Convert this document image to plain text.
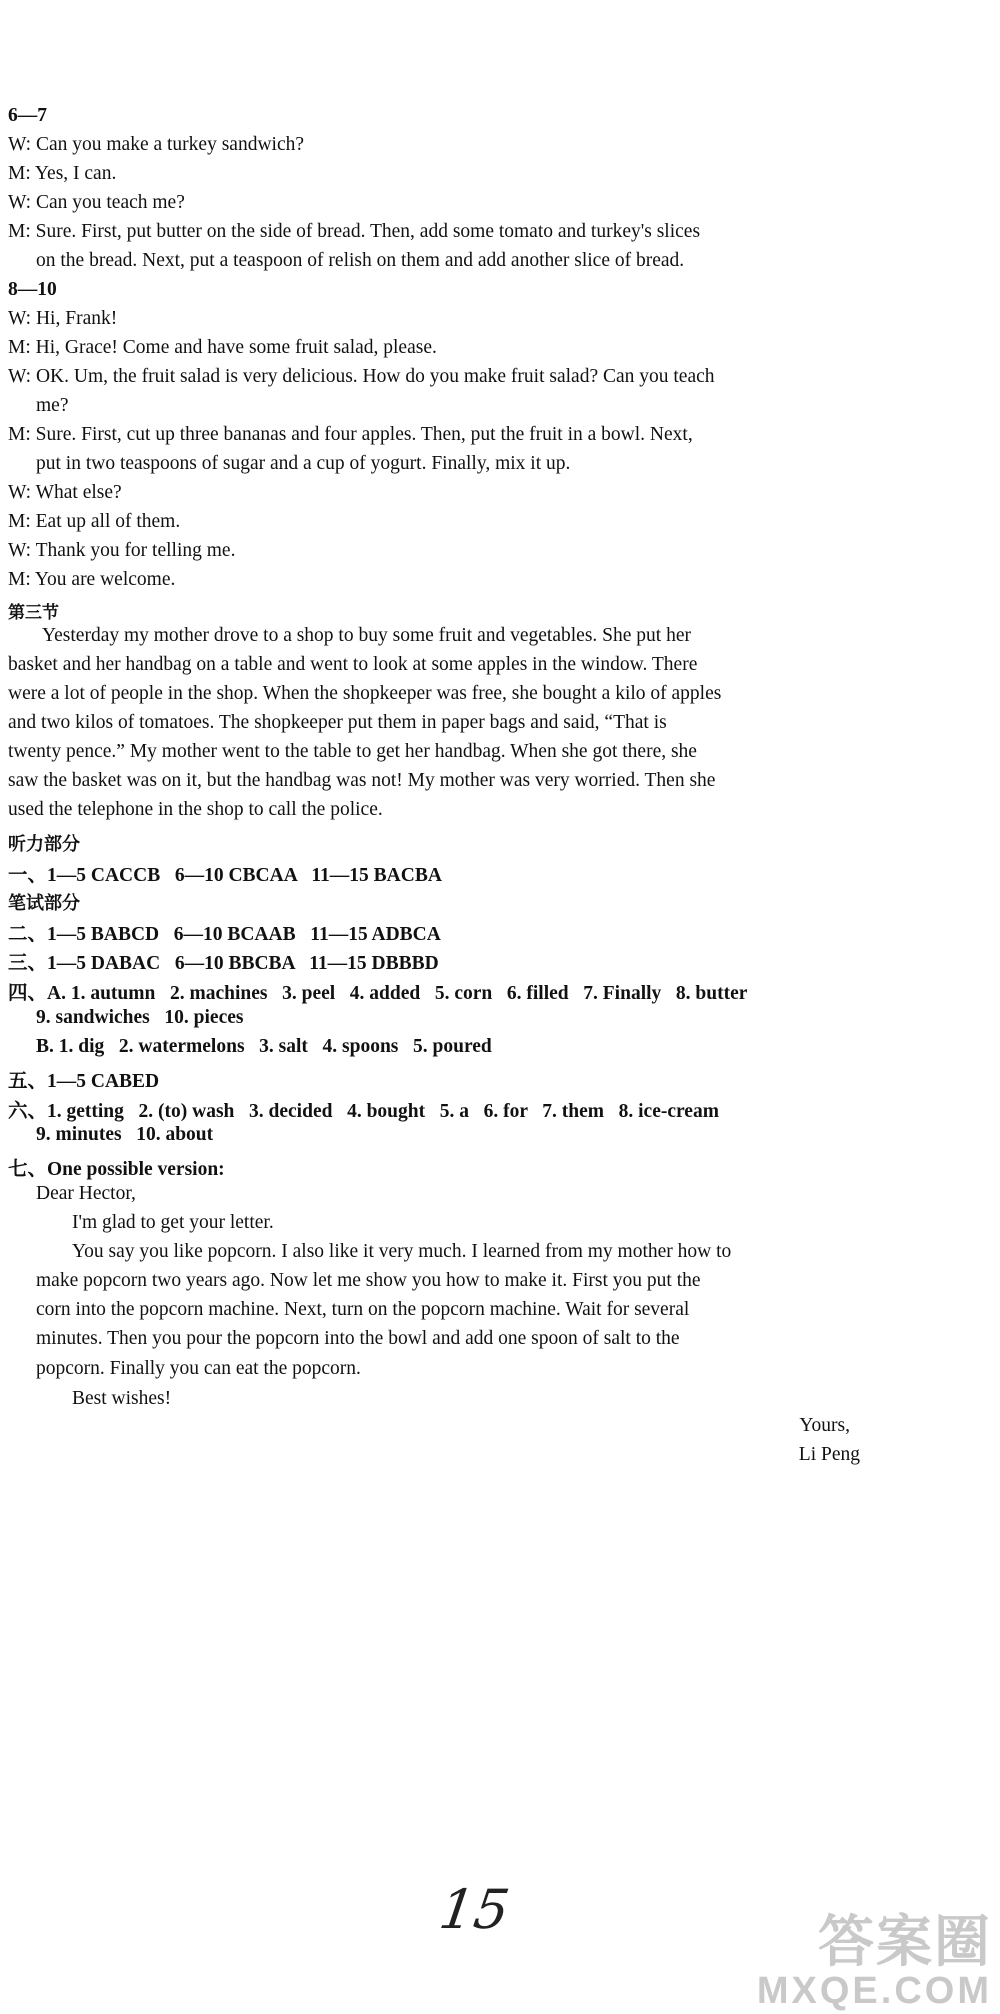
6—7
W: Can you make a turkey sandwich?
M: Yes, I can.
W: Can you teach me?
M: Sure. First, put butter on the side of bread. Then, add some tomato and turkey's slices
on the bread. Next, put a teaspoon of relish on them and add another slice of bread.
8—10
W: Hi, Frank!
M: Hi, Grace! Come and have some fruit salad, please.
W: OK. Um, the fruit salad is very delicious. How do you make fruit salad? Can you teach
me?
M: Sure. First, cut up three bananas and four apples. Then, put the fruit in a bowl. Next,
put in two teaspoons of sugar and a cup of yogurt. Finally, mix it up.
W: What else?
M: Eat up all of them.
W: Thank you for telling me.
M: You are welcome.
第三节
Yesterday my mother drove to a shop to buy some fruit and vegetables. She put her
basket and her handbag on a table and went to look at some apples in the window. There
were a lot of people in the shop. When the shopkeeper was free, she bought a kilo of apples
and two kilos of tomatoes. The shopkeeper put them in paper bags and said, “That is
twenty pence.” My mother went to the table to get her handbag. When she got there, she
saw the basket was on it, but the handbag was not! My mother was very worried. Then she
used the telephone in the shop to call the police.
听力部分
一、1—5 CACCB   6—10 CBCAA   11—15 BACBA
笔试部分
二、1—5 BABCD   6—10 BCAAB   11—15 ADBCA
三、1—5 DABAC   6—10 BBCBA   11—15 DBBBD
四、A. 1. autumn   2. machines   3. peel   4. added   5. corn   6. filled   7. Finally   8. butter
9. sandwiches   10. pieces
B. 1. dig   2. watermelons   3. salt   4. spoons   5. poured
五、1—5 CABED
六、1. getting   2. (to) wash   3. decided   4. bought   5. a   6. for   7. them   8. ice-cream
9. minutes   10. about
七、One possible version:
Dear Hector,
I'm glad to get your letter.
You say you like popcorn. I also like it very much. I learned from my mother how to
make popcorn two years ago. Now let me show you how to make it. First you put the
corn into the popcorn machine. Next, turn on the popcorn machine. Wait for several
minutes. Then you pour the popcorn into the bowl and add one spoon of salt to the
popcorn. Finally you can eat the popcorn.
Best wishes!
Yours,
Li Peng
15
答案圈
MXQE.COM
